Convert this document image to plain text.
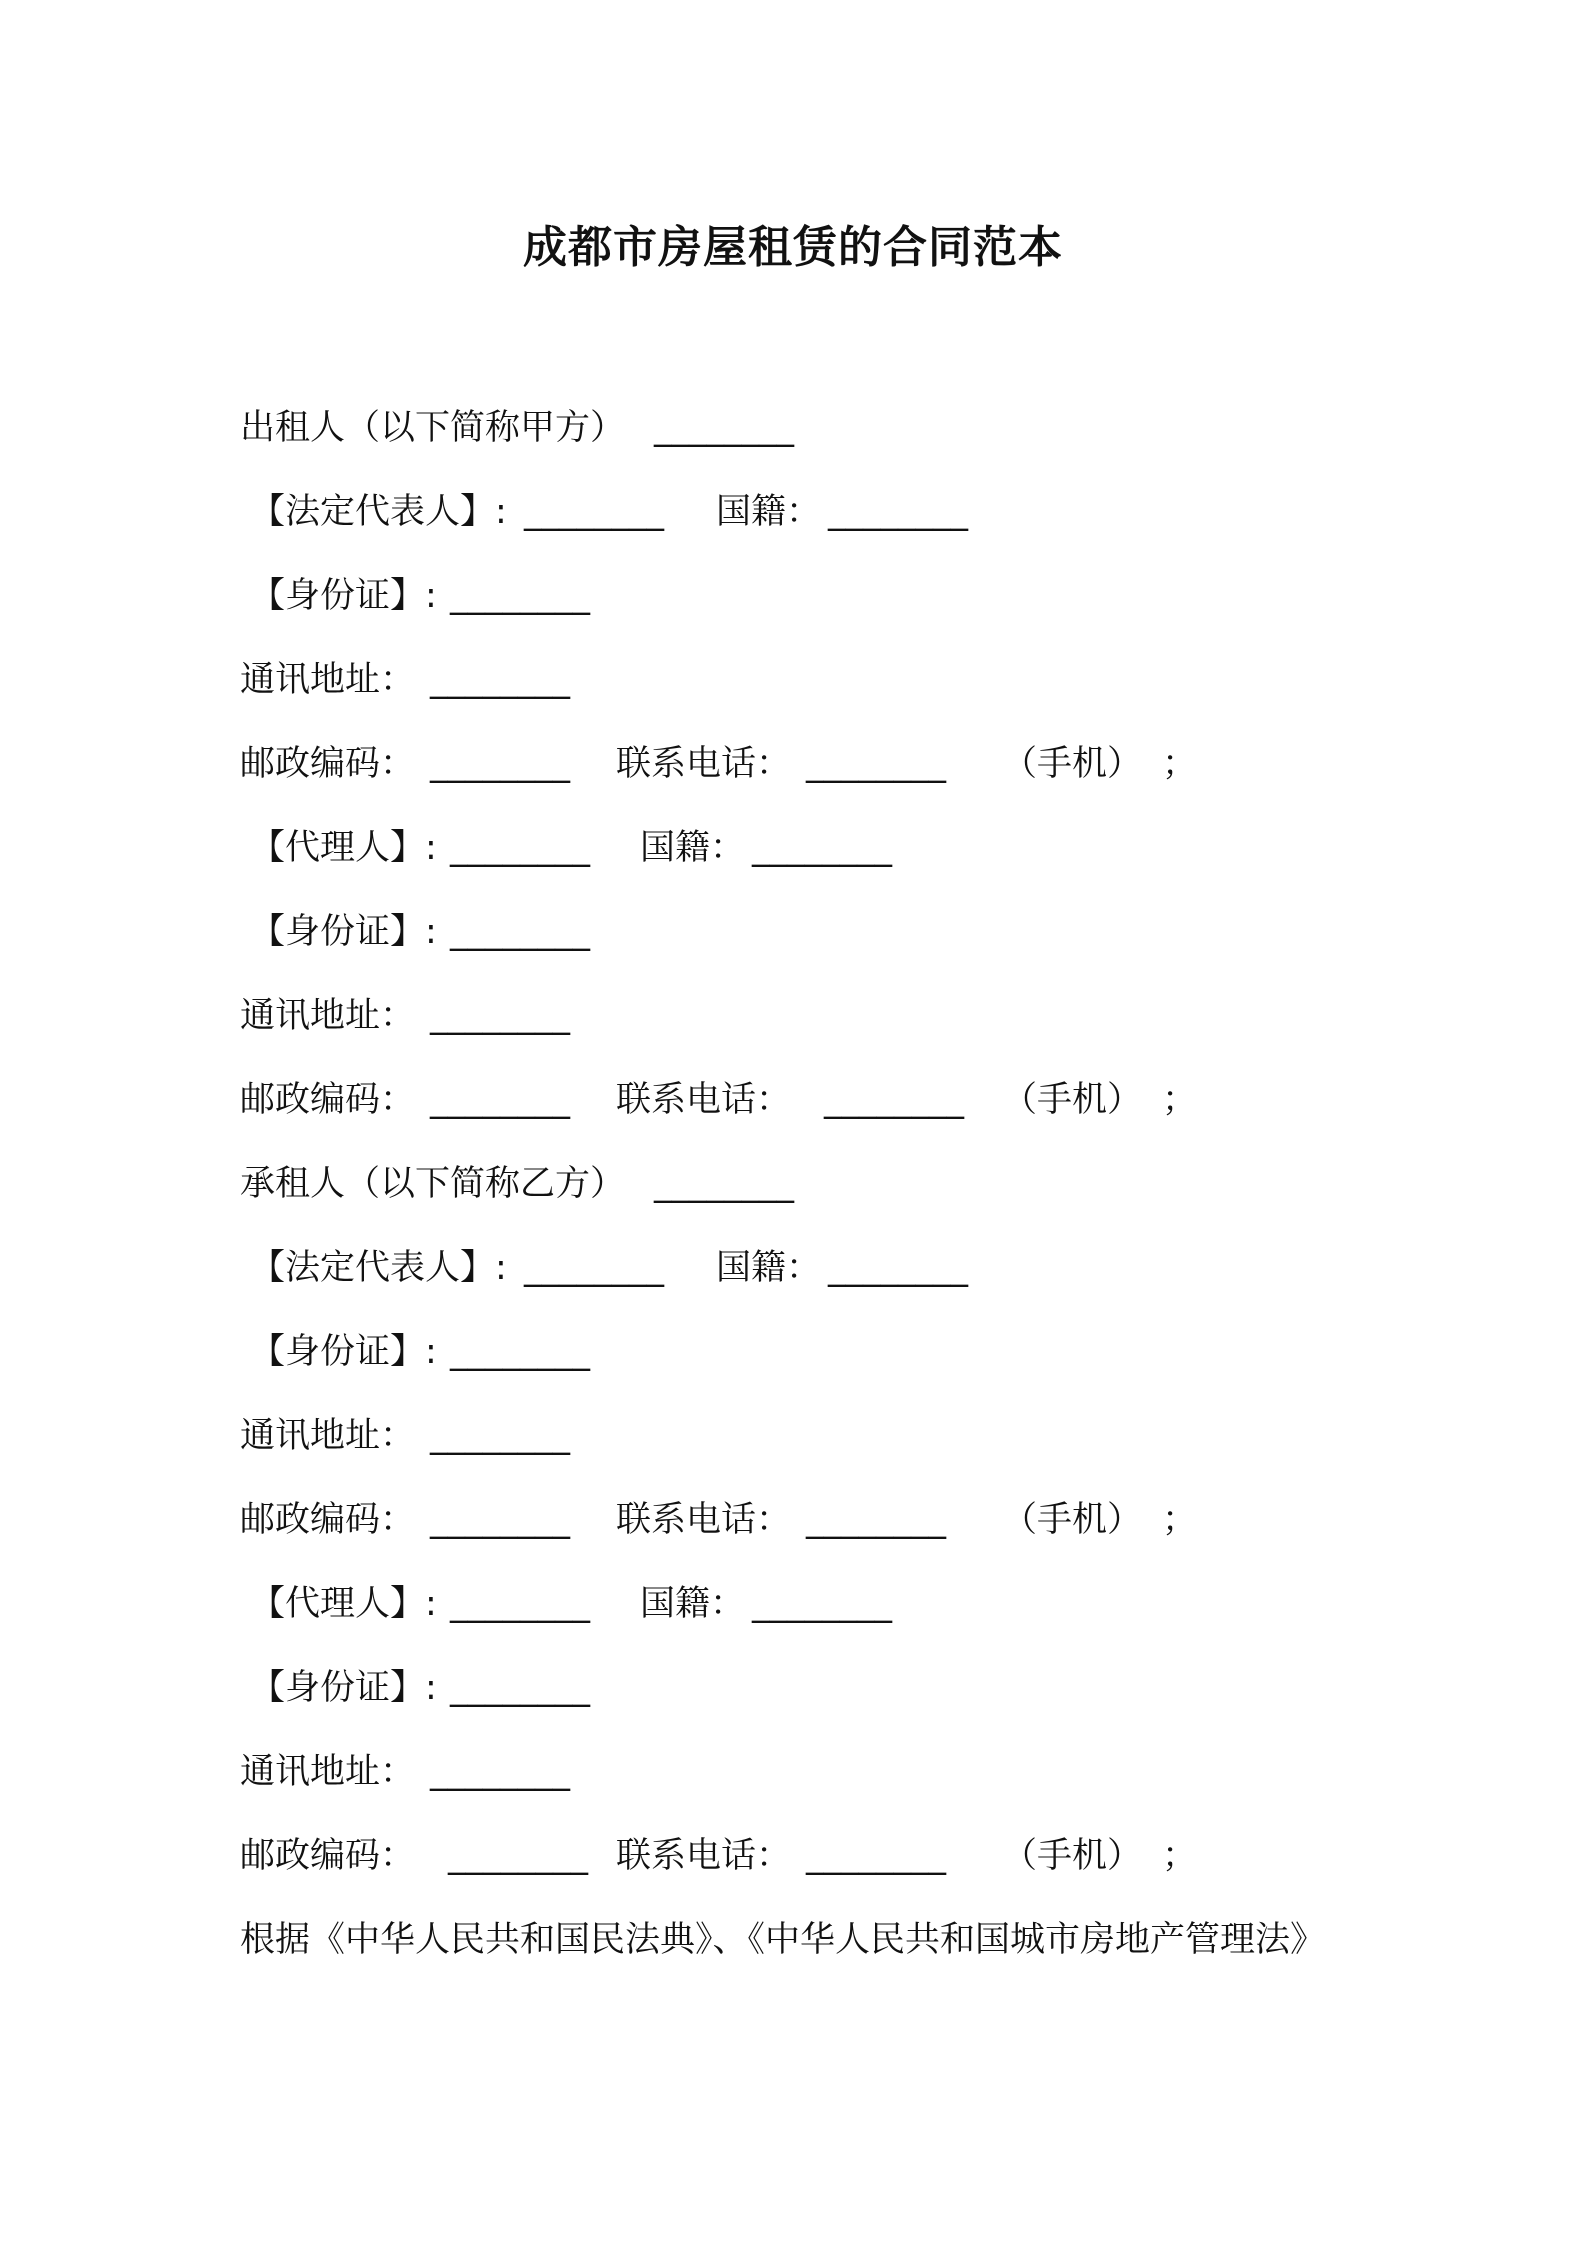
成都市房屋租赁的合同范本
出租人（以下简称甲方） ________
【法定代表人】: ________ 国籍： ________
【身份证】: ________
通讯地址： ________
邮政编码： ________ 联系电话： ________ （手机） ；
【代理人】: ________ 国籍： ________
【身份证】: ________
通讯地址： ________
邮政编码： ________ 联系电话： ________ （手机） ；
承租人（以下简称乙方） ________
【法定代表人】: ________ 国籍： ________
【身份证】: ________
通讯地址： ________
邮政编码： ________ 联系电话： ________ （手机） ；
【代理人】: ________ 国籍： ________
【身份证】: ________
通讯地址： ________
邮政编码： ________ 联系电话： ________ （手机） ；
根据《中华人民共和国民法典》、《中华人民共和国城市房地产管理法》
